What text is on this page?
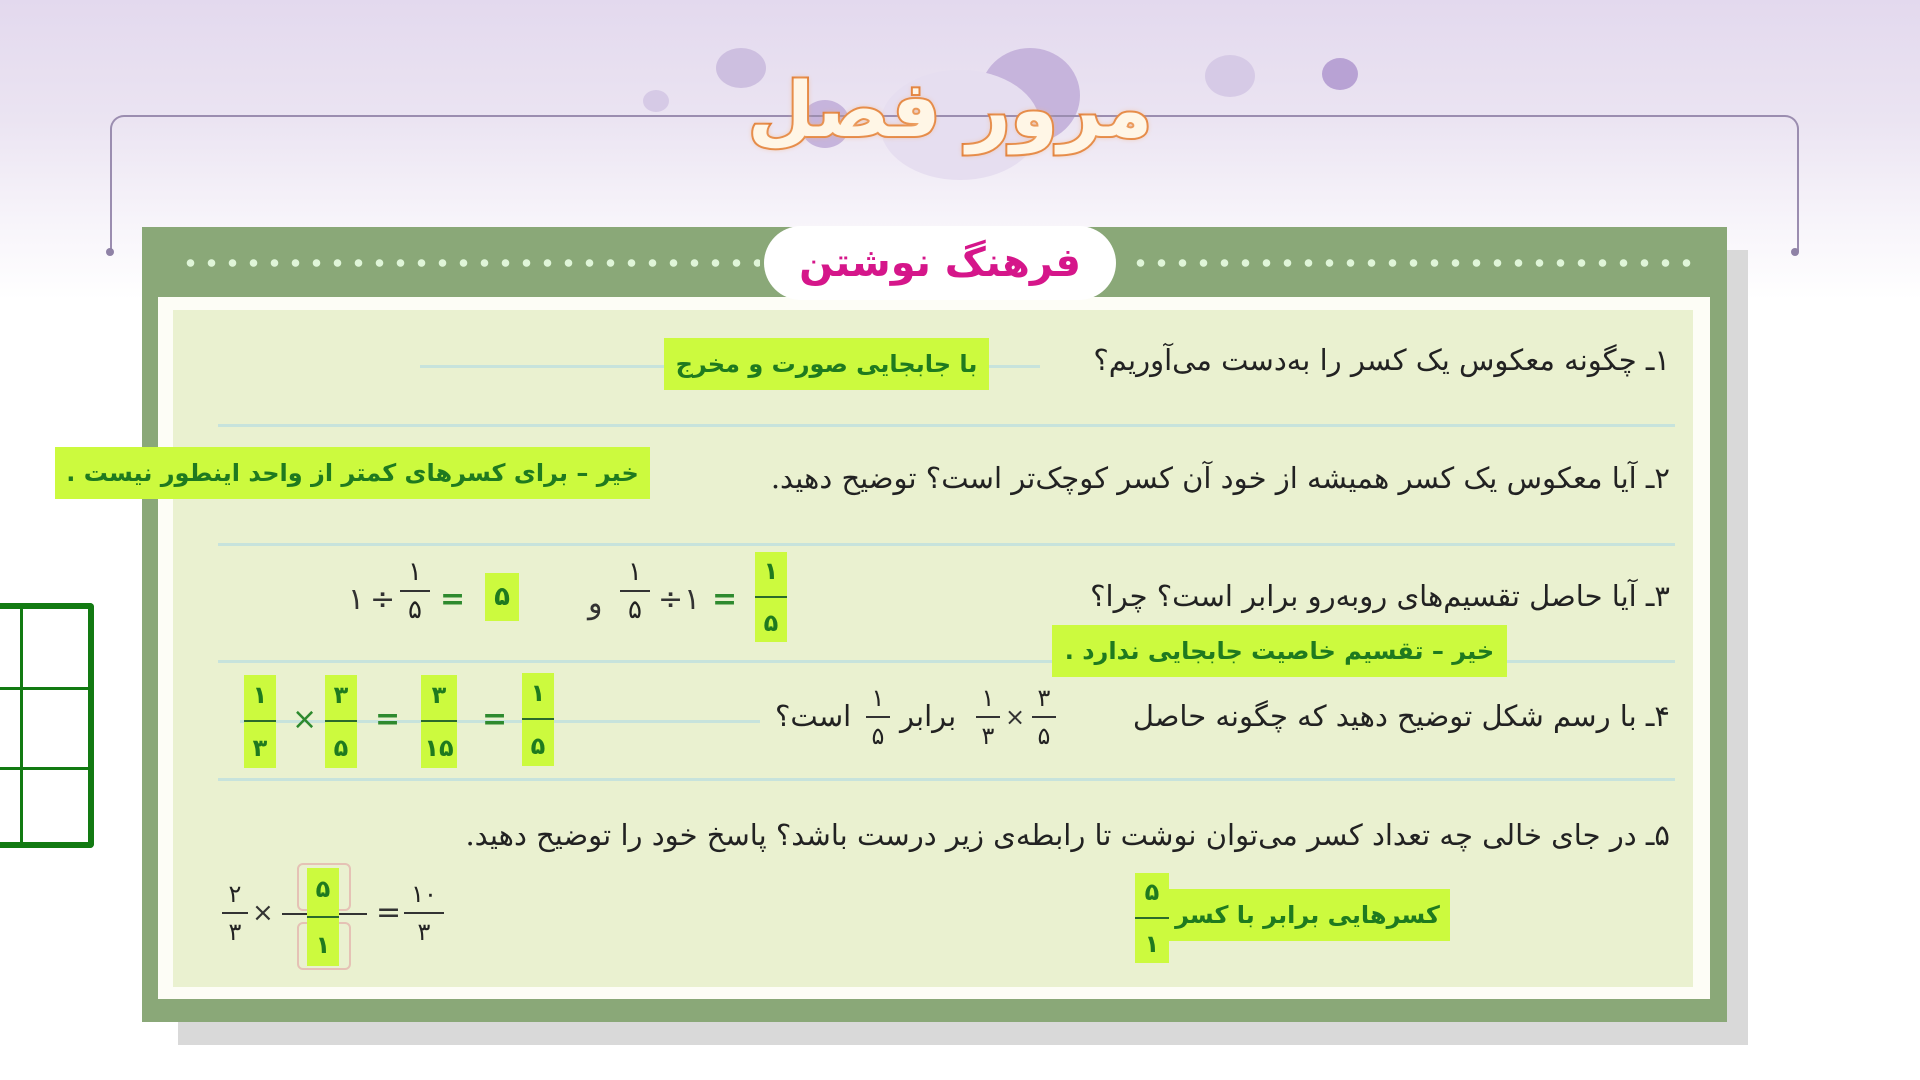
مرور فصل
فرهنگ نوشتن
۱ـ چگونه معکوس یک کسر را به‌دست می‌آوریم؟
با جابجایی صورت و مخرج
۲ـ آیا معکوس یک کسر همیشه از خود آن کسر کوچک‌تر است؟ توضیح دهید.
خیر – برای کسرهای کمتر از واحد اینطور نیست .
۳ـ آیا حاصل تقسیم‌های روبه‌رو برابر است؟ چرا؟
خیر – تقسیم خاصیت جابجایی ندارد .
۱ ÷
۱
۵ =	۵	و
۱
۵ ÷ ۱ =
۱
۵
۴ـ با رسم شکل توضیح دهید که چگونه حاصل
۳
۵
×
۱
۳
برابر
۱
۵
است؟
۱
۳
×
۳
۵
=
۳
۱۵
=
۱
۵
۵ـ در جای خالی چه تعداد کسر می‌توان نوشت تا رابطه‌ی زیر درست باشد؟ پاسخ خود را توضیح دهید.
۲
۳
×
۵
۱
=
۱۰
۳
کسرهایی برابر با کسر
۵
۱
